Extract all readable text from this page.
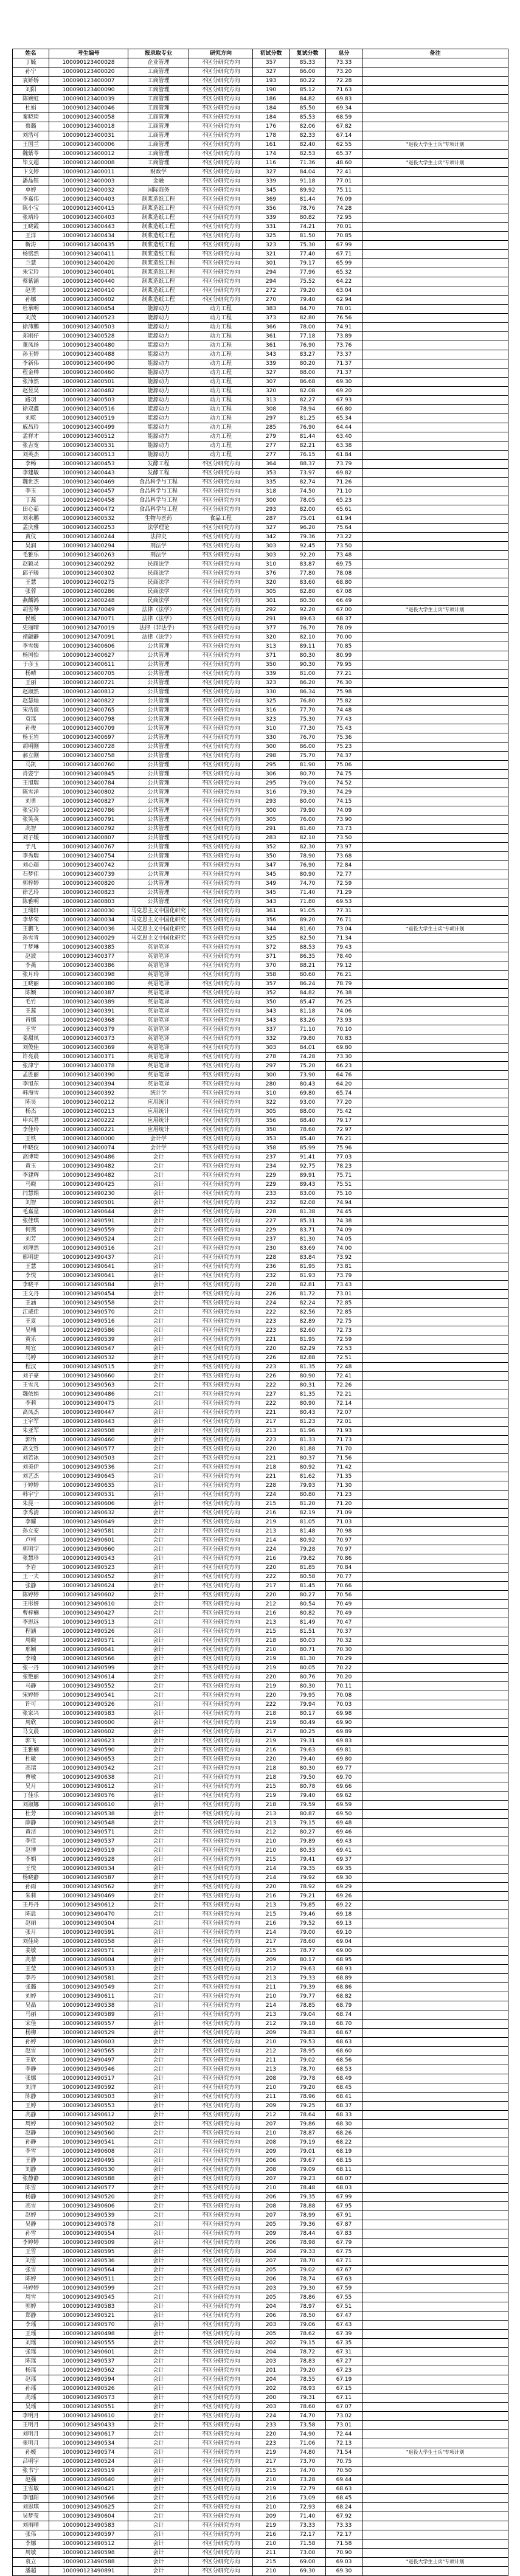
姓名	考生编号	报录取专业	研究方向	初试分数	复试分数	总分	备注
丁毓	100090123400028	企业管理	不区分研究方向	357	85.33	73.33	
孙宁	100090123400020	工商管理	不区分研究方向	327	86.00	73.20	
袁娇娇	100090123400007	工商管理	不区分研究方向	193	80.22	72.28	
刘阳	100090123400090	工商管理	不区分研究方向	190	85.12	71.63	
陈婉虹	100090123400039	工商管理	不区分研究方向	186	84.82	69.83	
杜娟	100090123400046	工商管理	不区分研究方向	184	85.50	69.34	
秦晓琦	100090123400058	工商管理	不区分研究方向	184	85.53	68.59	
蔡璐	100090123400018	工商管理	不区分研究方向	176	82.06	67.82	
刘浩可	100090123400031	工商管理	不区分研究方向	178	82.33	67.14	
王国兰	100090123400006	工商管理	不区分研究方向	161	82.40	62.55	"退役大学生士兵"专项计划
魏紫苓	100090123400012	工商管理	不区分研究方向	174	82.53	65.37	
毕义超	100090123400008	工商管理	不区分研究方向	116	71.36	48.60	"退役大学生士兵"专项计划
卞文婷	100090123400011	财政学	不区分研究方向	327	84.04	72.41	
潘晶钰	100090123400003	金融	不区分研究方向	339	91.18	77.01	
单婷	100090123400032	国际商务	不区分研究方向	345	89.92	75.11	
李嘉伟	100090123400403	制浆造纸工程	不区分研究方向	369	81.44	76.09	
陈小宝	100090123400415	制浆造纸工程	不区分研究方向	356	78.76	74.28	
张靖玲	100090123400403	制浆造纸工程	不区分研究方向	339	80.82	72.95	
王晓霞	100090123400443	制浆造纸工程	不区分研究方向	331	74.21	70.01	
王洋	100090123400434	制浆造纸工程	不区分研究方向	325	81.50	70.85	
靳涛	100090123400435	制浆造纸工程	不区分研究方向	323	75.30	67.99	
杨铭然	100090123400411	制浆造纸工程	不区分研究方向	321	77.40	67.71	
兰慧	100090123400420	制浆造纸工程	不区分研究方向	301	79.17	65.99	
朱宝玲	100090123400401	制浆造纸工程	不区分研究方向	294	77.96	65.32	
蔡紫涵	100090123400440	制浆造纸工程	不区分研究方向	294	75.52	64.22	
赵勇	100090123400410	制浆造纸工程	不区分研究方向	272	79.20	63.04	
孙娜	100090123400402	制浆造纸工程	不区分研究方向	270	79.40	62.94	
杜承明	100090123400454	能源动力	动力工程	383	84.70	78.01	
刘茂	100090123400523	能源动力	动力工程	373	82.80	76.56	
徐沛鹏	100090123400503	能源动力	动力工程	366	78.00	74.91	
郑刚仔	100090123400528	能源动力	动力工程	361	77.18	73.89	
董凤扬	100090123400480	能源动力	动力工程	361	76.90	73.76	
孙玉婷	100090123400488	能源动力	动力工程	343	83.27	73.37	
李新伟	100090123400490	能源动力	动力工程	339	80.20	71.37	
程金帅	100090123400460	能源动力	动力工程	327	88.00	71.37	
张沛然	100090123400501	能源动力	动力工程	307	86.68	69.30	
赵昱昊	100090123400482	能源动力	动力工程	320	82.08	69.20	
路羽	100090123400503	能源动力	动力工程	313	82.27	67.93	
徐双鑫	100090123400516	能源动力	动力工程	308	78.94	66.80	
刘乾	100090123400519	能源动力	动力工程	297	81.25	65.34	
戚昌玲	100090123400499	能源动力	动力工程	285	76.90	64.44	
孟祥才	100090123400512	能源动力	动力工程	279	81.44	63.40	
张吉宽	100090123400531	能源动力	动力工程	277	82.21	63.38	
刘英杰	100090123400513	能源动力	动力工程	277	76.15	61.84	
李畅	100090123400453	发酵工程	不区分研究方向	364	88.37	73.79	
李建敏	100090123400443	发酵工程	不区分研究方向	353	73.97	69.82	
魏世杰	100090123400469	食品科学与工程	不区分研究方向	335	82.74	71.26	
李玉	100090123400457	食品科学与工程	不区分研究方向	318	74.50	71.10	
丁蕊	100090123400458	食品科学与工程	不区分研究方向	300	78.05	65.23	
田心茹	100090123400472	食品科学与工程	不区分研究方向	293	82.00	65.61	
刘永鹏	100090123400532	生物与医药	食品工程	287	75.01	61.94	
孟庆雅	100090123400253	法学理论	不区分研究方向	327	96.20	75.64	
黄仪	100090123400244	法律史	不区分研究方向	342	79.36	73.22	
吴润	100090123400294	刑法学	不区分研究方向	303	92.45	73.50	
毛雅乐	100090123400263	刑法学	不区分研究方向	303	92.20	73.48	
赵颖灵	100090123400292	民商法学	不区分研究方向	310	83.87	69.75	
邱子暖	100090123400302	民商法学	不区分研究方向	376	77.80	78.08	
王慧	100090123400275	民商法学	不区分研究方向	320	83.60	68.80	
张蓉	100090123400286	民商法学	不区分研究方向	305	82.80	67.08	
燕麟鸿	100090123400248	民商法学	不区分研究方向	301	80.30	66.49	
胡雪琴	100090123470049	法律（法学）	不区分研究方向	292	92.20	67.00	"退役大学生士兵"专项计划
侯媛	100090123470071	法律（法学）	不区分研究方向	291	89.63	68.37	
史丽晴	100090123470019	法律（非法学）	不区分研究方向	377	76.70	78.09	
褚翩静	100090123470091	法律（法学）	不区分研究方向	320	82.10	70.00	
李雪媛	100090123400606	公共管理	不区分研究方向	313	89.11	70.85	
杨国怡	100090123400627	公共管理	不区分研究方向	371	80.30	80.99	
于彦玉	100090123400611	公共管理	不区分研究方向	350	90.30	79.95	
杨晴	100090123400705	公共管理	不区分研究方向	339	81.00	77.21	
王丽	100090123400721	公共管理	不区分研究方向	323	86.20	76.30	
赵淑然	100090123400812	公共管理	不区分研究方向	330	86.34	75.98	
赵慧灿	100090123400822	公共管理	不区分研究方向	325	76.80	75.82	
宋浩谊	100090123400765	公共管理	不区分研究方向	316	77.70	74.48	
袁瑶	100090123400798	公共管理	不区分研究方向	323	75.30	77.43	
孙俊	100090123400709	公共管理	不区分研究方向	310	77.30	75.43	
杨玉岩	100090123400697	公共管理	不区分研究方向	330	76.70	75.36	
胡明刚	100090123400728	公共管理	不区分研究方向	300	86.00	75.23	
郝立刚	100090123400758	公共管理	不区分研究方向	298	75.70	74.37	
马凯	100090123400760	公共管理	不区分研究方向	295	81.90	75.06	
肖姿宁	100090123400845	公共管理	不区分研究方向	306	80.70	74.75	
王旭瑞	100090123400784	公共管理	不区分研究方向	295	79.00	74.52	
陈雪洋	100090123400802	公共管理	不区分研究方向	316	79.30	74.29	
刘勇	100090123400827	公共管理	不区分研究方向	293	80.00	74.15	
张宝玲	100090123400786	公共管理	不区分研究方向	300	79.90	74.09	
张笑英	100090123400791	公共管理	不区分研究方向	305	76.00	73.90	
高智	100090123400792	公共管理	不区分研究方向	291	81.60	73.73	
刘子媛	100090123400807	公共管理	不区分研究方向	283	82.10	73.50	
于凡	100090123400767	公共管理	不区分研究方向	352	82.30	73.97	
李秀瑞	100090123400754	公共管理	不区分研究方向	350	78.90	73.68	
刘心超	100090123400742	公共管理	不区分研究方向	347	76.90	72.84	
石梦佳	100090123400739	公共管理	不区分研究方向	345	80.90	72.77	
郭梓婷	100090123400820	公共管理	不区分研究方向	349	74.70	72.59	
徐艺玲	100090123400823	公共管理	不区分研究方向	345	71.40	71.29	
陈雅明	100090123400803	公共管理	不区分研究方向	343	71.80	69.53	
王瑞轩	100090123400030	马克思主义中国化研究	不区分研究方向	361	91.05	77.31	
李华荣	100090123400034	马克思主义中国化研究	不区分研究方向	356	89.20	76.71	
王鹏飞	100090123400036	马克思主义中国化研究	不区分研究方向	344	81.60	73.04	"退役大学生士兵"专项计划
孙雪青	100090123400029	马克思主义中国化研究	不区分研究方向	325	82.50	71.34	
于梦琳	100090123400385	英语笔译	不区分研究方向	372	88.53	79.43	
赵波	100090123400377	英语笔译	不区分研究方向	371	86.35	78.40	
李燕	100090123400386	英语笔译	不区分研究方向	370	88.21	79.12	
张月玲	100090123400398	英语笔译	不区分研究方向	358	80.60	76.21	
王晓丽	100090123400380	英语笔译	不区分研究方向	357	86.24	78.79	
陈颖	100090123400387	英语笔译	不区分研究方向	352	84.82	76.38	
毛竹	100090123400389	英语笔译	不区分研究方向	350	85.47	76.25	
王蕊	100090123400391	英语笔译	不区分研究方向	343	81.18	74.06	
肖娜	100090123400368	英语笔译	不区分研究方向	343	83.26	73.93	
王雪	100090123400379	英语笔译	不区分研究方向	337	71.10	70.10	
姜甜凤	100090123400373	英语笔译	不区分研究方向	332	79.80	70.83	
刘俊佳	100090123400369	英语笔译	不区分研究方向	303	84.01	69.80	
许亮晨	100090123400371	英语笔译	不区分研究方向	278	74.28	73.30	
张津宁	100090123400378	英语笔译	不区分研究方向	297	75.20	66.23	
孟胜丽	100090123400390	英语笔译	不区分研究方向	300	73.90	64.76	
李旭东	100090123400394	英语笔译	不区分研究方向	280	80.43	64.20	
韩海雪	100090123400392	统计学	不区分研究方向	310	69.80	65.74	
陈昊	100090123400212	应用统计	不区分研究方向	322	93.00	77.20	
杨杰	100090123400213	应用统计	不区分研究方向	305	88.00	75.42	
申兴君	100090123400222	应用统计	不区分研究方向	356	88.40	79.17	
李佳玲	100090123400221	应用统计	不区分研究方向	350	78.60	72.97	
王铁	100090123400000	会计学	不区分研究方向	353	85.40	76.21	
申晓仪	100090123400074	会计学	不区分研究方向	358	85.99	75.96	
高博琦	100090123490486	会计	不区分研究方向	237	91.41	77.03	
黄玉	100090123490482	会计	不区分研究方向	234	92.75	78.23	
李建辉	100090123490482	会计	不区分研究方向	229	89.91	75.71	
马晓	100090123490425	会计	不区分研究方向	229	89.43	75.51	
闫慧娟	100090123490230	会计	不区分研究方向	233	83.00	75.10	
刘智	100090123490501	会计	不区分研究方向	232	82.08	74.94	
毛嘉星	100090123490644	会计	不区分研究方向	228	81.38	74.45	
张佳琪	100090123490591	会计	不区分研究方向	227	85.31	74.38	
何燕	100090123490559	会计	不区分研究方向	229	83.71	74.09	
刘芳	100090123490524	会计	不区分研究方向	237	81.30	74.05	
刘理然	100090123490516	会计	不区分研究方向	230	83.69	74.00	
邢明建	100090123490437	会计	不区分研究方向	228	83.84	73.92	
王慧	100090123490641	会计	不区分研究方向	236	81.95	73.81	
李悦	100090123490641	会计	不区分研究方向	232	81.93	73.79	
李晓平	100090123490584	会计	不区分研究方向	228	82.81	73.43	
王文丹	100090123490454	会计	不区分研究方向	226	81.72	73.01	
王涵	100090123490558	会计	不区分研究方向	224	82.24	72.85	
江威佳	100090123490570	会计	不区分研究方向	222	82.56	72.85	
王夏	100090123490516	会计	不区分研究方向	223	82.89	72.75	
吴楠	100090123490586	会计	不区分研究方向	223	82.60	72.73	
黄乐	100090123490539	会计	不区分研究方向	221	81.95	72.59	
周宜	100090123490547	会计	不区分研究方向	220	82.29	72.53	
马婷	100090123490532	会计	不区分研究方向	226	82.88	72.51	
程汉	100090123490515	会计	不区分研究方向	223	81.35	72.48	
刘子豪	100090123490660	会计	不区分研究方向	226	80.90	72.41	
王雪凡	100090123490563	会计	不区分研究方向	222	80.31	72.26	
魏依娟	100090123490486	会计	不区分研究方向	227	81.35	72.21	
李莉	100090123490475	会计	不区分研究方向	222	80.90	72.14	
高凤杰	100090123490447	会计	不区分研究方向	221	80.43	72.07	
王宇军	100090123490443	会计	不区分研究方向	217	81.23	72.01	
朱亚军	100090123490508	会计	不区分研究方向	213	81.96	71.93	
郭怡	100090123490460	会计	不区分研究方向	223	81.33	71.73	
高文哲	100090123490577	会计	不区分研究方向	220	81.88	71.70	
刘若冰	100090123490503	会计	不区分研究方向	221	80.37	71.56	
刘美伊	100090123490536	会计	不区分研究方向	218	80.92	71.42	
刘艺杰	100090123490645	会计	不区分研究方向	221	81.62	71.35	
于婷婷	100090123490635	会计	不区分研究方向	228	79.93	71.30	
韩宇宁	100090123490531	会计	不区分研究方向	224	80.80	71.23	
朱昆一	100090123490606	会计	不区分研究方向	215	81.20	71.20	
李秀清	100090123490632	会计	不区分研究方向	216	82.19	71.09	
李耀	100090123490649	会计	不区分研究方向	219	81.05	71.03	
孙立安	100090123490581	会计	不区分研究方向	213	81.48	70.98	
卢柯	100090123490601	会计	不区分研究方向	214	80.92	70.97	
郭明宇	100090123490660	会计	不区分研究方向	224	79.28	70.97	
张慧珍	100090123490543	会计	不区分研究方向	216	79.82	70.86	
李岩	100090123490523	会计	不区分研究方向	220	81.85	70.84	
王一夫	100090123490452	会计	不区分研究方向	222	80.58	70.77	
张静	100090123490624	会计	不区分研究方向	217	81.45	70.66	
陈婷婷	100090123490602	会计	不区分研究方向	220	80.27	70.56	
王彤妍	100090123490610	会计	不区分研究方向	212	80.54	70.49	
曹梓楠	100090123490427	会计	不区分研究方向	216	80.82	70.49	
李思远	100090123490513	会计	不区分研究方向	213	81.49	70.47	
程涵	100090123490526	会计	不区分研究方向	215	81.51	70.37	
周晓	100090123490571	会计	不区分研究方向	218	80.03	70.32	
邢颖	100090123490641	会计	不区分研究方向	210	80.71	70.30	
李楠	100090123490566	会计	不区分研究方向	219	81.30	70.29	
张一丹	100090123490599	会计	不区分研究方向	219	80.05	70.22	
张艳丽	100090123490614	会计	不区分研究方向	220	80.76	70.20	
马静	100090123490552	会计	不区分研究方向	219	80.30	70.11	
宋婷婷	100090123490541	会计	不区分研究方向	220	79.95	70.08	
许可	100090123490526	会计	不区分研究方向	222	79.94	70.03	
张家兴	100090123490583	会计	不区分研究方向	218	80.17	69.98	
周欣	100090123490600	会计	不区分研究方向	219	80.49	69.90	
马文晨	100090123490602	会计	不区分研究方向	217	80.25	69.89	
郭飞	100090123490623	会计	不区分研究方向	219	79.31	69.83	
王雅楠	100090123490590	会计	不区分研究方向	216	79.63	69.81	
杜敏	100090123490653	会计	不区分研究方向	220	79.40	69.80	
高瑞	100090123490542	会计	不区分研究方向	218	80.30	69.77	
曹敏	100090123490638	会计	不区分研究方向	218	79.50	69.70	
吴月	100090123490612	会计	不区分研究方向	215	80.78	69.66	
丁佳乐	100090123490576	会计	不区分研究方向	219	79.40	69.62	
刘淑娜	100090123490610	会计	不区分研究方向	218	79.59	69.59	
杜芳	100090123490538	会计	不区分研究方向	213	80.87	69.50	
薛静	100090123490548	会计	不区分研究方向	213	79.15	69.48	
黄洁	100090123490571	会计	不区分研究方向	212	80.27	69.46	
李佳	100090123490537	会计	不区分研究方向	210	79.89	69.43	
赵博	100090123490519	会计	不区分研究方向	210	80.33	69.41	
李娟	100090123490528	会计	不区分研究方向	215	79.41	69.37	
王悦	100090123490534	会计	不区分研究方向	214	79.35	69.35	
杨晓静	100090123490587	会计	不区分研究方向	214	79.92	69.30	
孙雨	100090123490562	会计	不区分研究方向	220	78.92	69.29	
朱莉	100090123490469	会计	不区分研究方向	216	79.21	69.26	
王丹丹	100090123490612	会计	不区分研究方向	213	79.85	69.22	
陈晨	100090123490470	会计	不区分研究方向	215	79.46	69.18	
赵丽	100090123490504	会计	不区分研究方向	216	79.52	69.13	
张月	100090123490591	会计	不区分研究方向	214	79.00	69.10	
刘佳琦	100090123490558	会计	不区分研究方向	217	78.60	69.04	
姜敏	100090123490571	会计	不区分研究方向	215	78.77	69.00	
高菲	100090123490604	会计	不区分研究方向	209	80.17	68.95	
王莹	100090123490533	会计	不区分研究方向	212	79.63	68.93	
李丹	100090123490581	会计	不区分研究方向	213	79.33	68.89	
张璐	100090123490549	会计	不区分研究方向	211	79.39	68.86	
刘婷	100090123490611	会计	不区分研究方向	210	79.77	68.82	
吴晶	100090123490538	会计	不区分研究方向	214	78.85	68.79	
马丽	100090123490589	会计	不区分研究方向	213	79.04	68.74	
宋佳	100090123490557	会计	不区分研究方向	212	79.18	68.70	
杨柳	100090123490529	会计	不区分研究方向	209	79.83	68.67	
孙婷	100090123490603	会计	不区分研究方向	210	79.53	68.63	
赵雪	100090123490565	会计	不区分研究方向	212	78.95	68.60	
王欣	100090123490497	会计	不区分研究方向	211	79.02	68.56	
李静	100090123490546	会计	不区分研究方向	213	78.70	68.53	
张娜	100090123490517	会计	不区分研究方向	208	79.78	68.49	
刘洋	100090123490592	会计	不区分研究方向	210	79.20	68.45	
陈静	100090123490503	会计	不区分研究方向	211	78.96	68.41	
王婷	100090123490553	会计	不区分研究方向	209	79.25	68.37	
高静	100090123490612	会计	不区分研究方向	212	78.64	68.33	
周婷	100090123490502	会计	不区分研究方向	207	79.86	68.30	
赵静	100090123490560	会计	不区分研究方向	210	78.87	68.26	
孙静	100090123490541	会计	不区分研究方向	208	79.19	68.22	
李雪	100090123490608	会计	不区分研究方向	209	79.01	68.19	
王静	100090123490495	会计	不区分研究方向	206	79.67	68.15	
刘静	100090123490530	会计	不区分研究方向	208	79.09	68.11	
张静静	100090123490588	会计	不区分研究方向	207	79.23	68.07	
陈雪	100090123490577	会计	不区分研究方向	210	78.48	68.03	
杨静	100090123490520	会计	不区分研究方向	206	79.35	67.99	
高雪	100090123490606	会计	不区分研究方向	208	78.88	67.95	
赵婷	100090123490539	会计	不区分研究方向	207	78.99	67.91	
吴静	100090123490578	会计	不区分研究方向	205	79.36	67.87	
孙雪	100090123490554	会计	不区分研究方向	209	78.44	67.83	
李婷婷	100090123490509	会计	不区分研究方向	206	78.98	67.79	
王雪	100090123490595	会计	不区分研究方向	204	79.33	67.75	
刘雪	100090123490536	会计	不区分研究方向	207	78.70	67.71	
张雪	100090123490564	会计	不区分研究方向	205	79.02	67.67	
陈婷	100090123490511	会计	不区分研究方向	206	78.74	67.63	
马婷婷	100090123490599	会计	不区分研究方向	203	79.30	67.59	
周雪	100090123490545	会计	不区分研究方向	205	78.86	67.55	
郭婷	100090123490583	会计	不区分研究方向	204	78.97	67.51	
郑静	100090123490521	会计	不区分研究方向	206	78.50	67.47	
李瑶	100090123490570	会计	不区分研究方向	203	79.06	67.43	
王瑶	100090123490498	会计	不区分研究方向	205	78.62	67.39	
刘瑶	100090123490555	会计	不区分研究方向	202	79.15	67.35	
张瑶	100090123490601	会计	不区分研究方向	204	78.72	67.31	
陈瑶	100090123490537	会计	不区分研究方向	203	78.83	67.27	
杨瑶	100090123490562	会计	不区分研究方向	201	79.20	67.23	
赵瑶	100090123490594	会计	不区分研究方向	204	78.55	67.19	
孙瑶	100090123490526	会计	不区分研究方向	202	78.93	67.15	
高瑶	100090123490573	会计	不区分研究方向	200	79.31	67.11	
吴瑶	100090123490551	会计	不区分研究方向	203	78.60	67.07	
李明月	100090123490610	会计	不区分研究方向	224	74.70	73.02	
王明月	100090123490433	会计	不区分研究方向	233	73.58	73.01	
刘明月	100090123490617	会计	不区分研究方向	220	74.90	72.44	
张明月	100090123490534	会计	不区分研究方向	223	71.06	72.13	
孙媛	100090123490574	会计	不区分研究方向	219	74.80	71.54	"退役大学生士兵"专项计划
吕明宇	100090123490524	会计	不区分研究方向	217	73.70	70.75	
张书宁	100090123490519	会计	不区分研究方向	215	74.70	70.50	
赵强	100090123490640	会计	不区分研究方向	210	73.28	69.44	
王雪敏	100090123490421	会计	不区分研究方向	219	72.79	68.63	
李旭阳	100090123490566	会计	不区分研究方向	216	73.09	68.45	
刘思琪	100090123490625	会计	不区分研究方向	210	72.93	68.24	
吴梦莹	100090123490604	会计	不区分研究方向	209	71.40	67.92	
刘雨晴	100090123490583	会计	不区分研究方向	219	73.33	73.33	
张伟	100090123490597	会计	不区分研究方向	216	72.17	72.17	
李娜	100090123490512	会计	不区分研究方向	210	71.58	71.58	
周敏	100090123490598	会计	不区分研究方向	211	73.00	70.90	
袁立	100090123490588	会计	不区分研究方向	215	69.00	69.03	"退役大学生士兵"专项计划
潘超	100090123490891	会计	不区分研究方向	210	69.30	69.30	
